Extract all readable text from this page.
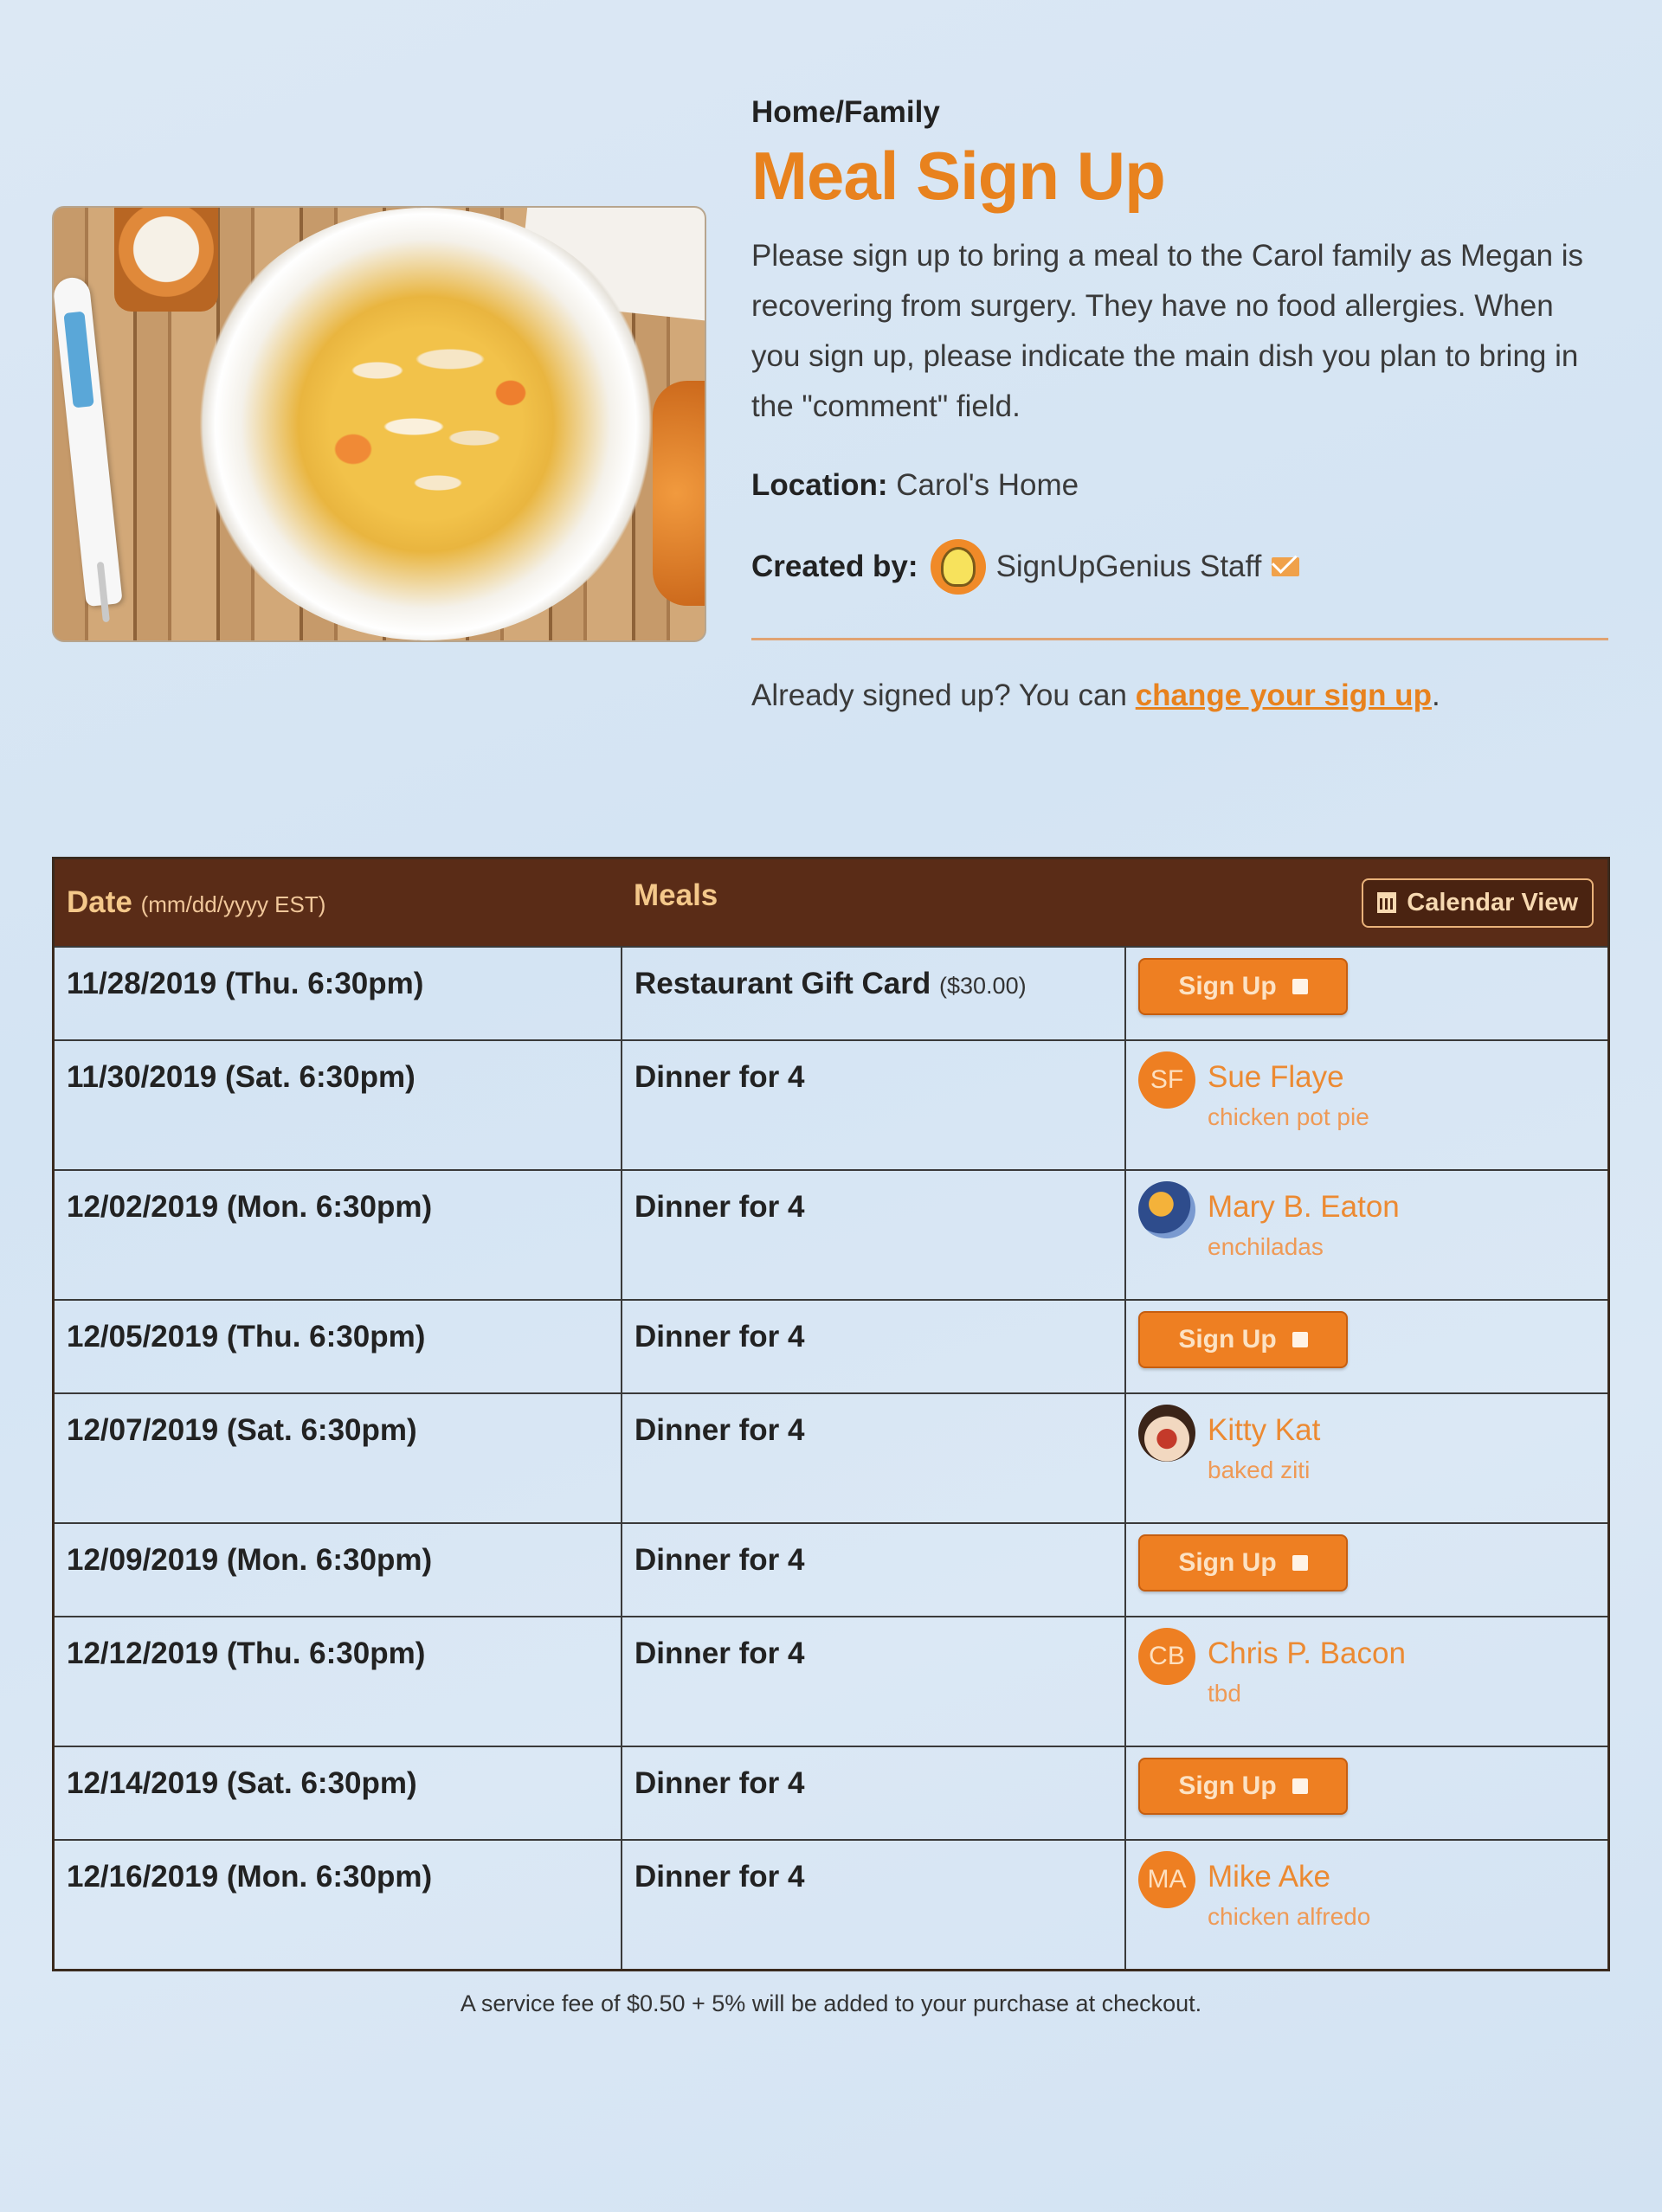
Home/Family
Meal Sign Up
Please sign up to bring a meal to the Carol family as Megan is recovering from surgery. They have no food allergies. When you sign up, please indicate the main dish you plan to bring in the "comment" field.
Location: Carol's Home
Created by:	SignUpGenius Staff
Already signed up? You can change your sign up.
Date (mm/dd/yyyy EST)	Meals Calendar View	

11/28/2019 (Thu. 6:30pm)	Restaurant Gift Card ($30.00)	Sign Up

11/30/2019 (Sat. 6:30pm)	Dinner for 4	SF Sue Flaye
chicken pot pie

12/02/2019 (Mon. 6:30pm)	Dinner for 4	Mary B. Eaton
enchiladas

12/05/2019 (Thu. 6:30pm)	Dinner for 4	Sign Up

12/07/2019 (Sat. 6:30pm)	Dinner for 4	Kitty Kat
baked ziti

12/09/2019 (Mon. 6:30pm)	Dinner for 4	Sign Up

12/12/2019 (Thu. 6:30pm)	Dinner for 4	CB Chris P. Bacon
tbd

12/14/2019 (Sat. 6:30pm)	Dinner for 4	Sign Up

12/16/2019 (Mon. 6:30pm)	Dinner for 4	MA Mike Ake
chicken alfredo
A service fee of $0.50 + 5% will be added to your purchase at checkout.
